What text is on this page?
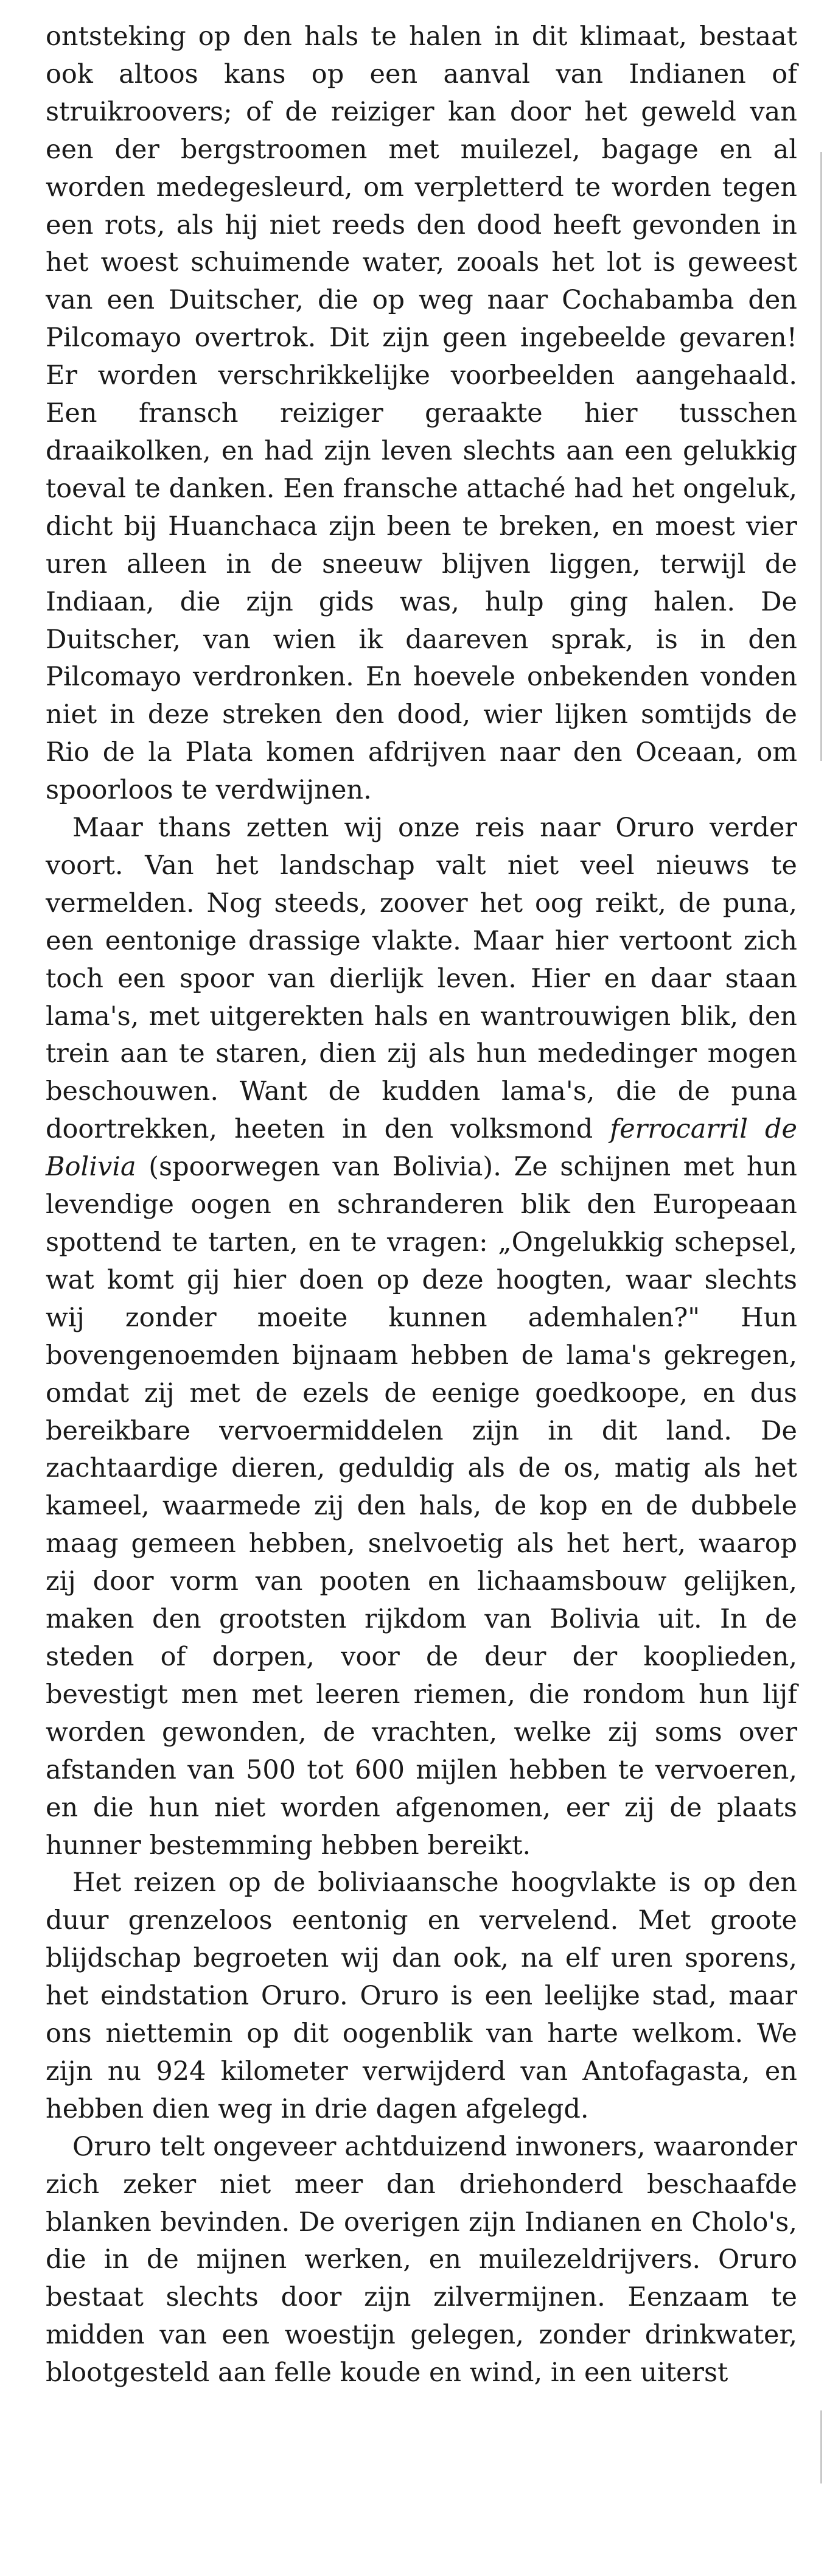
ontsteking op den hals te halen in dit klimaat, bestaat ook altoos kans op een aanval van Indianen of struikroovers; of de reiziger kan door het geweld van een der bergstroomen met muilezel, bagage en al worden medegesleurd, om verpletterd te worden tegen een rots, als hij niet reeds den dood heeft gevonden in het woest schuimende water, zooals het lot is geweest van een Duitscher, die op weg naar Cochabamba den Pilcomayo overtrok. Dit zijn geen ingebeelde gevaren! Er worden verschrikkelijke voorbeelden aangehaald. Een fransch reiziger geraakte hier tusschen draaikolken, en had zijn leven slechts aan een gelukkig toeval te danken. Een fransche attaché had het ongeluk, dicht bij Huanchaca zijn been te breken, en moest vier uren alleen in de sneeuw blijven liggen, terwijl de Indiaan, die zijn gids was, hulp ging halen. De Duitscher, van wien ik daareven sprak, is in den Pilcomayo verdronken. En hoevele onbekenden vonden niet in deze streken den dood, wier lijken somtijds de Rio de la Plata komen afdrijven naar den Oceaan, om spoorloos te verdwijnen.

Maar thans zetten wij onze reis naar Oruro verder voort. Van het landschap valt niet veel nieuws te vermelden. Nog steeds, zoover het oog reikt, de puna, een eentonige drassige vlakte. Maar hier vertoont zich toch een spoor van dierlijk leven. Hier en daar staan lama's, met uitgerekten hals en wantrouwigen blik, den trein aan te staren, dien zij als hun mededinger mogen beschouwen. Want de kudden lama's, die de puna doortrekken, heeten in den volksmond ferrocarril de Bolivia (spoorwegen van Bolivia). Ze schijnen met hun levendige oogen en schranderen blik den Europeaan spottend te tarten, en te vragen: „Ongelukkig schepsel, wat komt gij hier doen op deze hoogten, waar slechts wij zonder moeite kunnen ademhalen?" Hun bovengenoemden bijnaam hebben de lama's gekregen, omdat zij met de ezels de eenige goedkoope, en dus bereikbare vervoermiddelen zijn in dit land. De zachtaardige dieren, geduldig als de os, matig als het kameel, waarmede zij den hals, de kop en de dubbele maag gemeen hebben, snelvoetig als het hert, waarop zij door vorm van pooten en lichaamsbouw gelijken, maken den grootsten rijkdom van Bolivia uit. In de steden of dorpen, voor de deur der kooplieden, bevestigt men met leeren riemen, die rondom hun lijf worden gewonden, de vrachten, welke zij soms over afstanden van 500 tot 600 mijlen hebben te vervoeren, en die hun niet worden afgenomen, eer zij de plaats hunner bestemming hebben bereikt.

Het reizen op de boliviaansche hoogvlakte is op den duur grenzeloos eentonig en vervelend. Met groote blijdschap begroeten wij dan ook, na elf uren sporens, het eindstation Oruro. Oruro is een leelijke stad, maar ons niettemin op dit oogenblik van harte welkom. We zijn nu 924 kilometer verwijderd van Antofagasta, en hebben dien weg in drie dagen afgelegd.

Oruro telt ongeveer achtduizend inwoners, waaronder zich zeker niet meer dan driehonderd beschaafde blanken bevinden. De overigen zijn Indianen en Cholo's, die in de mijnen werken, en muilezeldrijvers. Oruro bestaat slechts door zijn zilvermijnen. Eenzaam te midden van een woestijn gelegen, zonder drinkwater, blootgesteld aan felle koude en wind, in een uiterst
